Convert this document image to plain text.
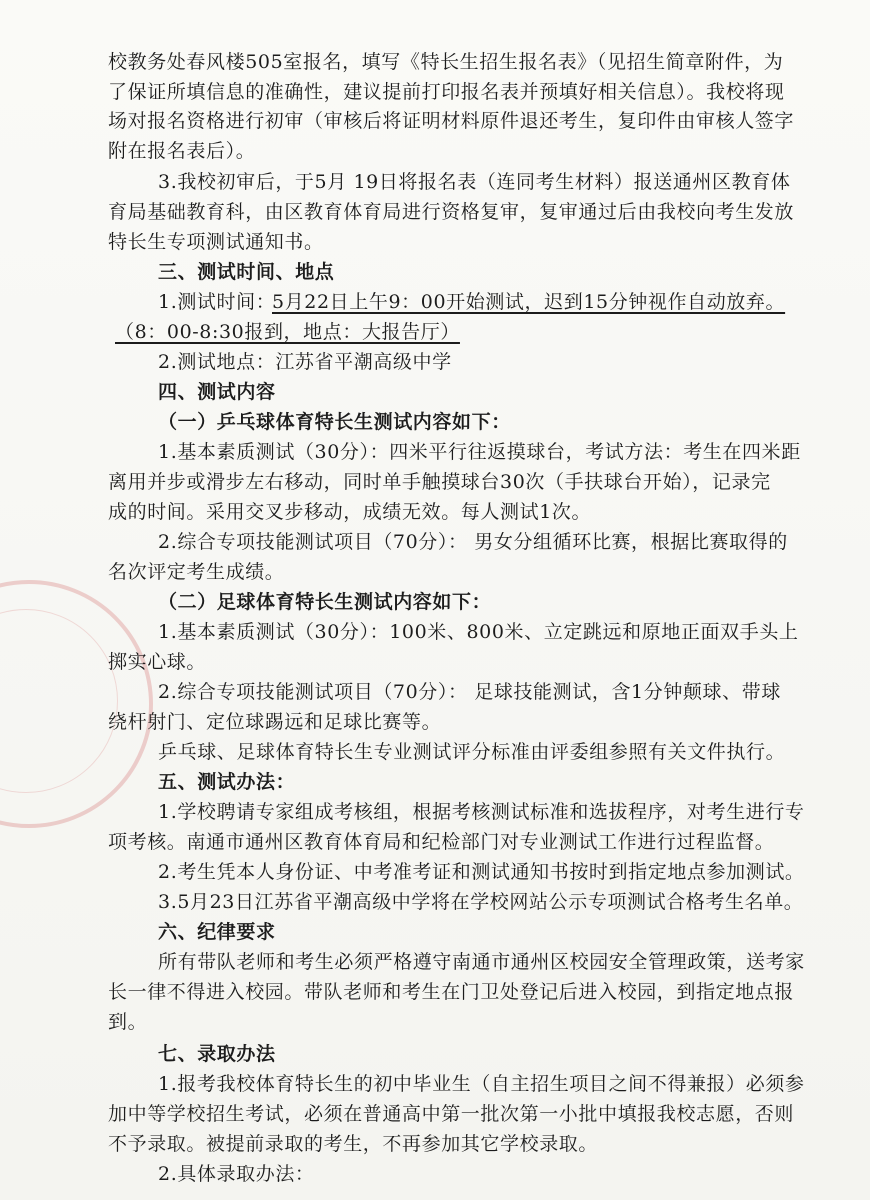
校教务处春风楼505室报名，填写《特长生招生报名表》（见招生简章附件，为
了保证所填信息的准确性，建议提前打印报名表并预填好相关信息）。我校将现
场对报名资格进行初审（审核后将证明材料原件退还考生，复印件由审核人签字
附在报名表后）。
3.我校初审后，于5月 19日将报名表（连同考生材料）报送通州区教育体
育局基础教育科，由区教育体育局进行资格复审，复审通过后由我校向考生发放
特长生专项测试通知书。
三、测试时间、地点
1.测试时间：
5月22日上午9：00开始测试，迟到15分钟视作自动放弃。
（8：00-8:30报到，地点：大报告厅）
2.测试地点：江苏省平潮高级中学
四、测试内容
（一）乒乓球体育特长生测试内容如下：
1.基本素质测试（30分）：四米平行往返摸球台，考试方法：考生在四米距
离用并步或滑步左右移动，同时单手触摸球台30次（手扶球台开始），记录完
成的时间。采用交叉步移动，成绩无效。每人测试1次。
2.综合专项技能测试项目（70分）： 男女分组循环比赛，根据比赛取得的
名次评定考生成绩。
（二）足球体育特长生测试内容如下：
1.基本素质测试（30分）：100米、800米、立定跳远和原地正面双手头上
掷实心球。
2.综合专项技能测试项目（70分）： 足球技能测试，含1分钟颠球、带球
绕杆射门、定位球踢远和足球比赛等。
乒乓球、足球体育特长生专业测试评分标准由评委组参照有关文件执行。
五、测试办法：
1.学校聘请专家组成考核组，根据考核测试标准和选拔程序，对考生进行专
项考核。南通市通州区教育体育局和纪检部门对专业测试工作进行过程监督。
2.考生凭本人身份证、中考准考证和测试通知书按时到指定地点参加测试。
3.5月23日江苏省平潮高级中学将在学校网站公示专项测试合格考生名单。
六、纪律要求
所有带队老师和考生必须严格遵守南通市通州区校园安全管理政策，送考家
长一律不得进入校园。带队老师和考生在门卫处登记后进入校园，到指定地点报
到。
七、录取办法
1.报考我校体育特长生的初中毕业生（自主招生项目之间不得兼报）必须参
加中等学校招生考试，必须在普通高中第一批次第一小批中填报我校志愿，否则
不予录取。被提前录取的考生，不再参加其它学校录取。
2.具体录取办法：
